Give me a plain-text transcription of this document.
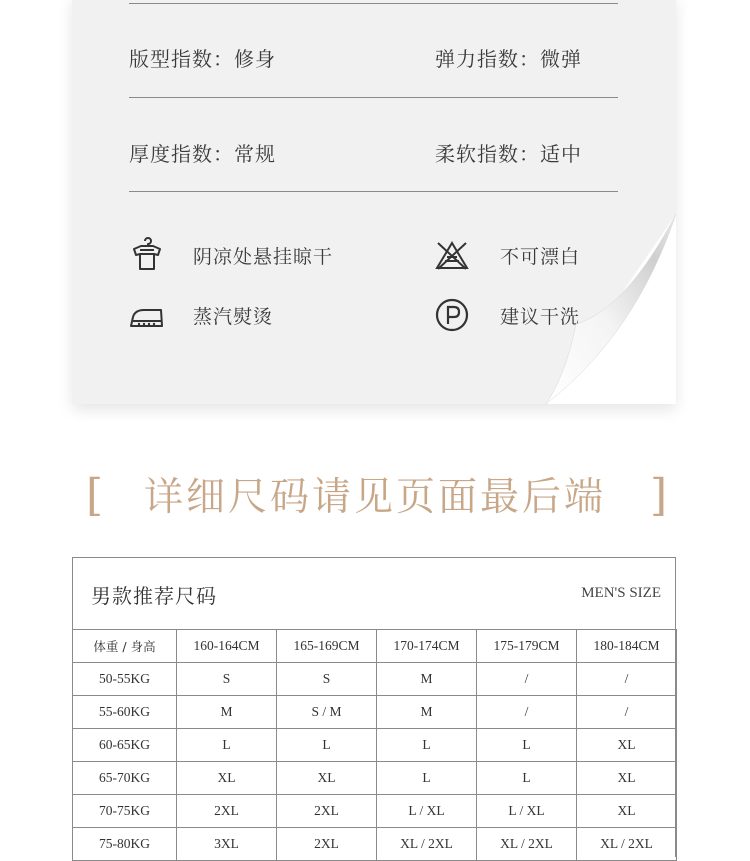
版型指数：修身	弹力指数：微弹
厚度指数：常规	柔软指数：适中
阴凉处悬挂晾干	不可漂白
蒸汽熨烫	建议干洗
[	详细尺码请见页面最后端	]
男款推荐尺码	MEN'S SIZE
体重 / 身高	160-164CM	165-169CM	170-174CM	175-179CM	180-184CM
50-55KG	S	S	M	/	/
55-60KG	M	S / M	M	/	/
60-65KG	L	L	L	L	XL
65-70KG	XL	XL	L	L	XL
70-75KG	2XL	2XL	L / XL	L / XL	XL
75-80KG	3XL	2XL	XL / 2XL	XL / 2XL	XL / 2XL
